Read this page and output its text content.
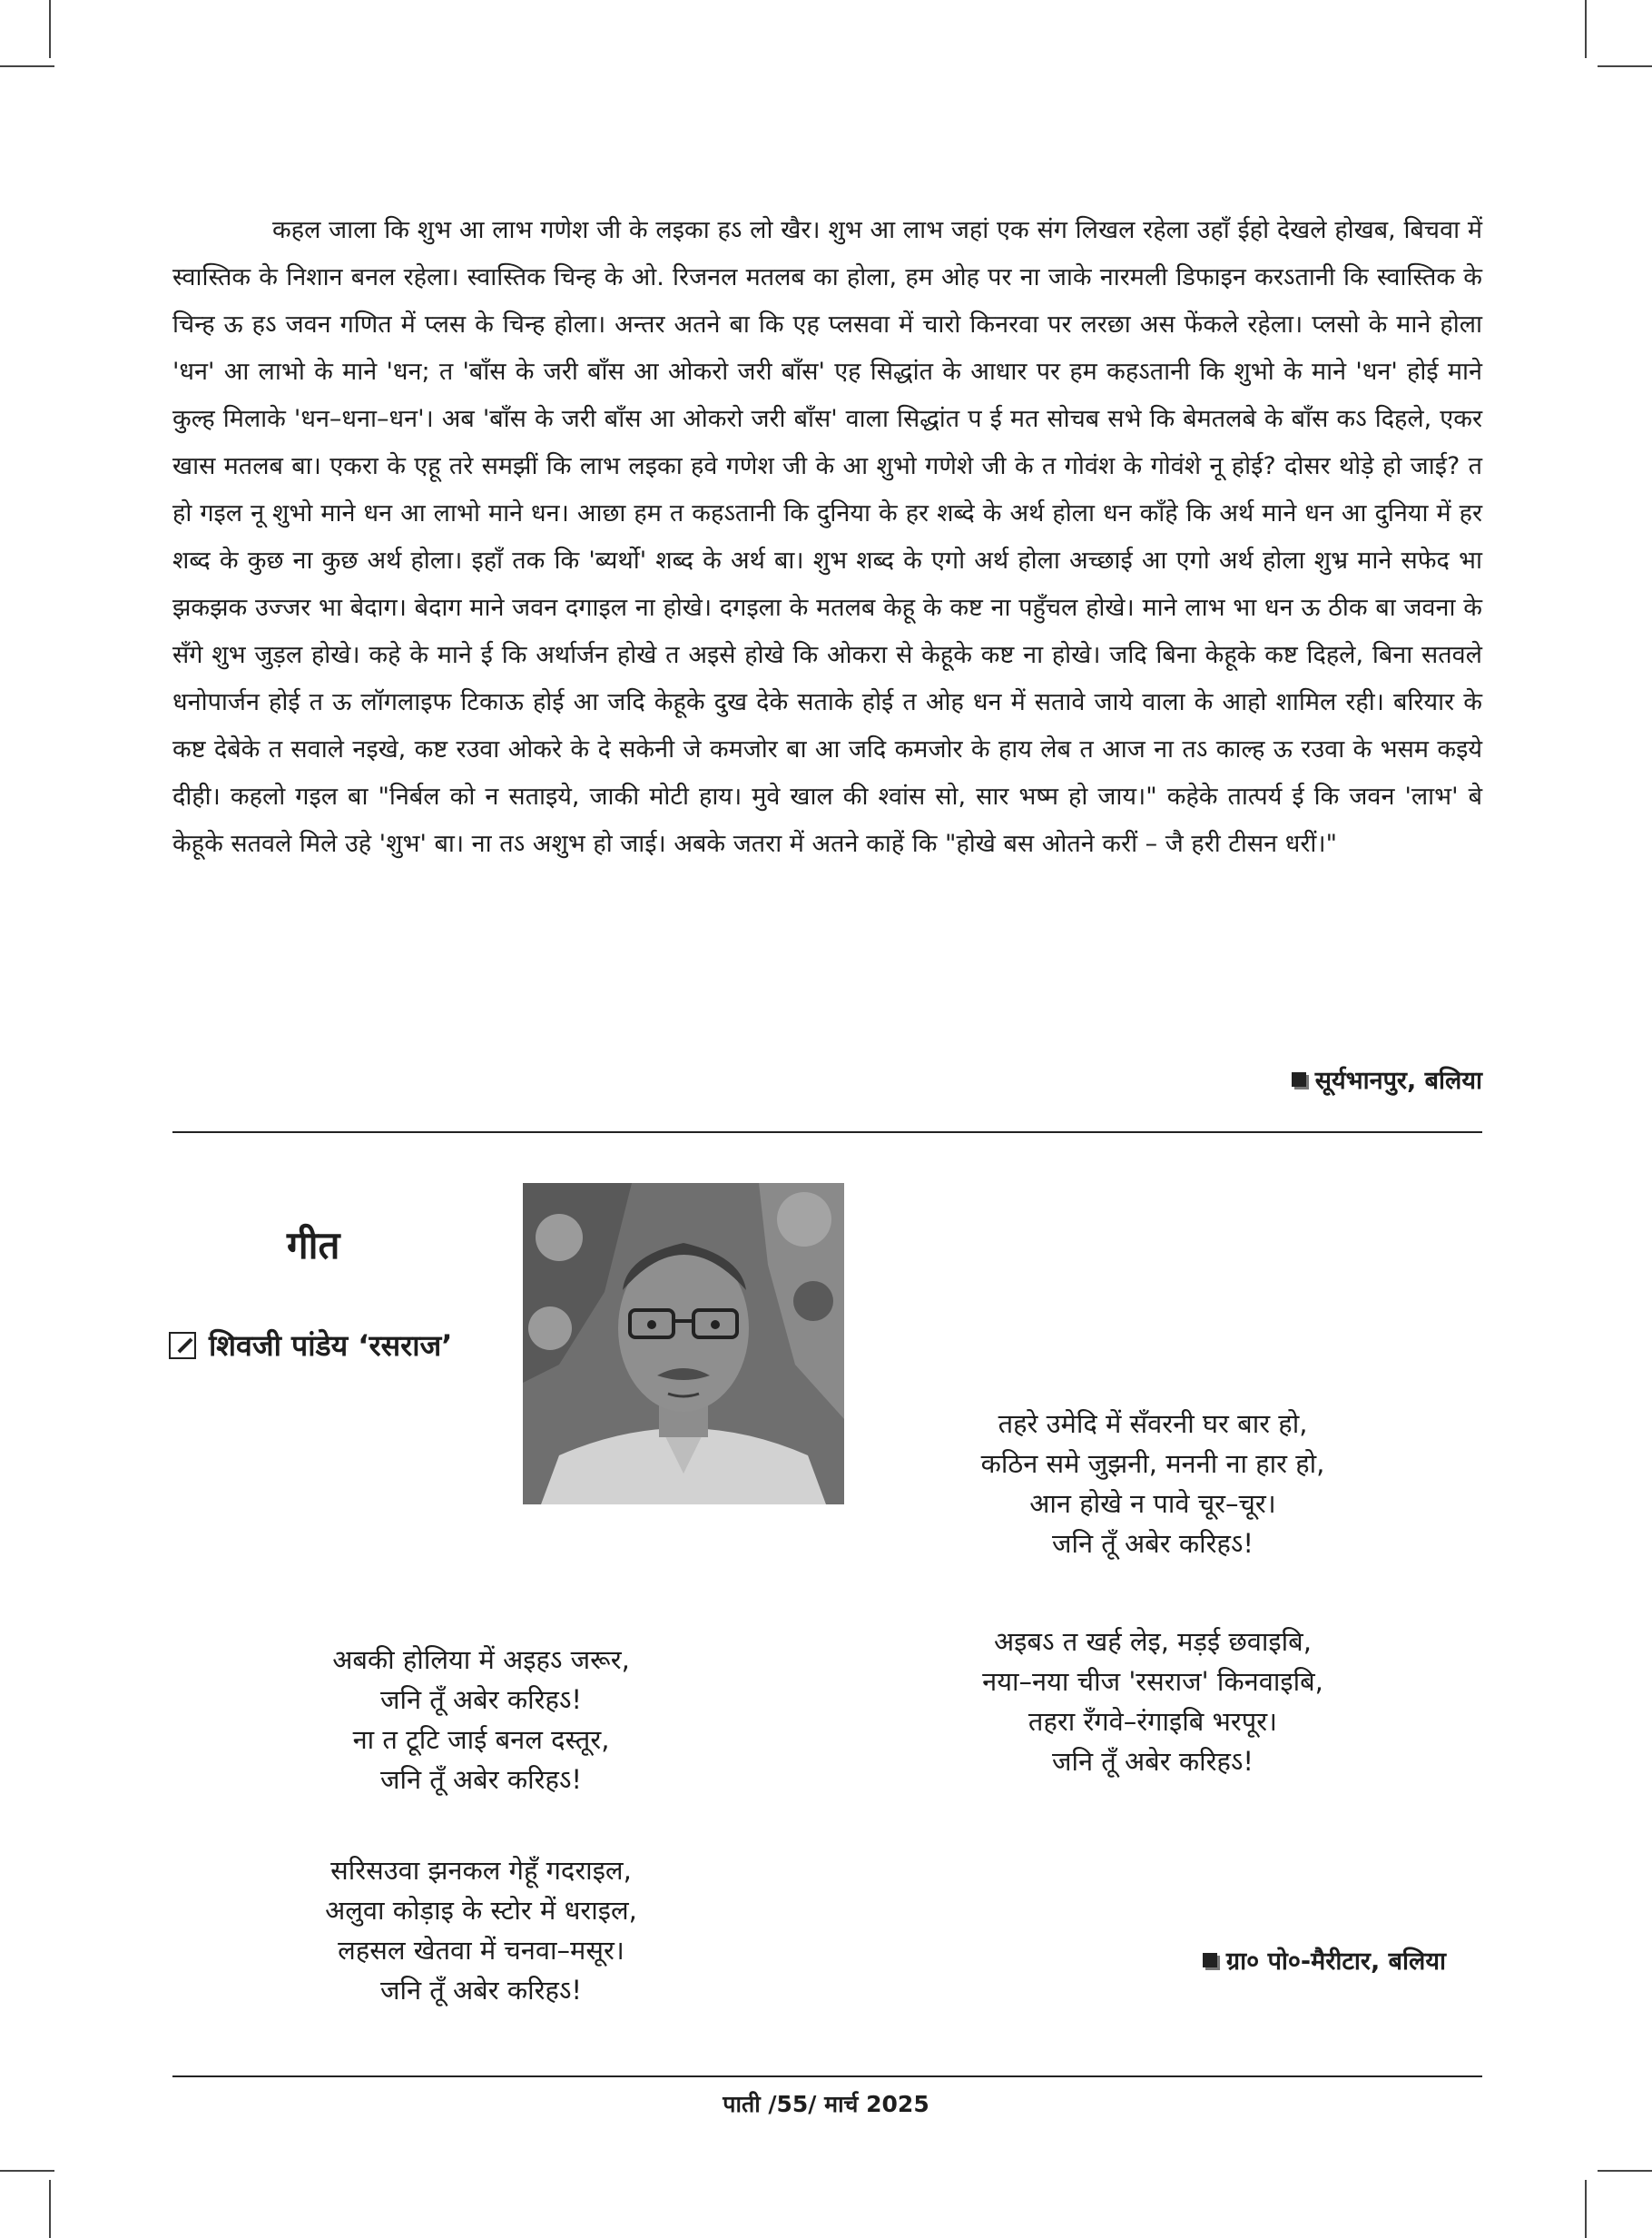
कहल जाला कि शुभ आ लाभ गणेश जी के लइका हऽ लो खैर। शुभ आ लाभ जहां एक संग लिखल रहेला उहाँ ईहो देखले होखब, बिचवा में स्वास्तिक के निशान बनल रहेला। स्वास्तिक चिन्ह के ओ. रिजनल मतलब का होला, हम ओह पर ना जाके नारमली डिफाइन करऽतानी कि स्वास्तिक के चिन्ह ऊ हऽ जवन गणित में प्लस के चिन्ह होला। अन्तर अतने बा कि एह प्लसवा में चारो किनरवा पर लरछा अस फेंकले रहेला। प्लसो के माने होला 'धन' आ लाभो के माने 'धन; त 'बाँस के जरी बाँस आ ओकरो जरी बाँस' एह सिद्धांत के आधार पर हम कहऽतानी कि शुभो के माने 'धन' होई माने कुल्ह मिलाके 'धन–धना–धन'। अब 'बाँस के जरी बाँस आ ओकरो जरी बाँस' वाला सिद्धांत प ई मत सोचब सभे कि बेमतलबे के बाँस कऽ दिहले, एकर खास मतलब बा। एकरा के एहू तरे समझीं कि लाभ लइका हवे गणेश जी के आ शुभो गणेशे जी के त गोवंश के गोवंशे नू होई? दोसर थोड़े हो जाई? त हो गइल नू शुभो माने धन आ लाभो माने धन। आछा हम त कहऽतानी कि दुनिया के हर शब्दे के अर्थ होला धन काँहे कि अर्थ माने धन आ दुनिया में हर शब्द के कुछ ना कुछ अर्थ होला। इहाँ तक कि 'ब्यर्थो' शब्द के अर्थ बा। शुभ शब्द के एगो अर्थ होला अच्छाई आ एगो अर्थ होला शुभ्र माने सफेद भा झकझक उज्जर भा बेदाग। बेदाग माने जवन दगाइल ना होखे। दगइला के मतलब केहू के कष्ट ना पहुँचल होखे। माने लाभ भा धन ऊ ठीक बा जवना के सँगे शुभ जुड़ल होखे। कहे के माने ई कि अर्थार्जन होखे त अइसे होखे कि ओकरा से केहूके कष्ट ना होखे। जदि बिना केहूके कष्ट दिहले, बिना सतवले धनोपार्जन होई त ऊ लॉगलाइफ टिकाऊ होई आ जदि केहूके दुख देके सताके होई त ओह धन में सतावे जाये वाला के आहो शामिल रही। बरियार के कष्ट देबेके त सवाले नइखे, कष्ट रउवा ओकरे के दे सकेनी जे कमजोर बा आ जदि कमजोर के हाय लेब त आज ना तऽ काल्ह ऊ रउवा के भसम कइये दीही। कहलो गइल बा "निर्बल को न सताइये, जाकी मोटी हाय। मुवे खाल की श्वांस सो, सार भष्म हो जाय।" कहेके तात्पर्य ई कि जवन 'लाभ' बे केहूके सतवले मिले उहे 'शुभ' बा। ना तऽ अशुभ हो जाई। अबके जतरा में अतने काहें कि "होखे बस ओतने करीं – जै हरी टीसन धरीं।"

सूर्यभानपुर, बलिया
गीत
शिवजी पांडेय ‘रसराज’
तहरे उमेदि में सँवरनी घर बार हो,
कठिन समे जुझनी, मननी ना हार हो,
आन होखे न पावे चूर–चूर।
जनि तूँ अबेर करिहऽ!
अइबऽ त खर्ह लेइ, मड़ई छवाइबि,
नया–नया चीज 'रसराज' किनवाइबि,
तहरा रँगवे–रंगाइबि भरपूर।
जनि तूँ अबेर करिहऽ!
अबकी होलिया में अइहऽ जरूर,
जनि तूँ अबेर करिहऽ!
ना त टूटि जाई बनल दस्तूर,
जनि तूँ अबेर करिहऽ!
सरिसउवा झनकल गेहूँ गदराइल,
अलुवा कोड़ाइ के स्टोर में धराइल,
लहसल खेतवा में चनवा–मसूर।
जनि तूँ अबेर करिहऽ!
ग्रा० पो०-मैरीटार, बलिया
पाती /55/ मार्च 2025
